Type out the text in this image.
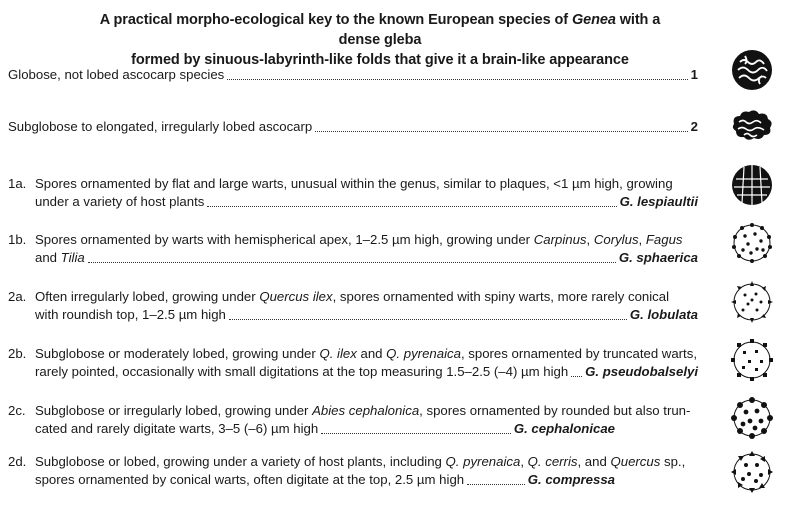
A practical morpho-ecological key to the known European species of Genea with a dense gleba
formed by sinuous-labyrinth-like folds that give it a brain-like appearance
Globose, not lobed ascocarp species	1
Subglobose to elongated, irregularly lobed ascocarp	2
1a. Spores ornamented by flat and large warts, unusual within the genus, similar to plaques, <1 µm high, growing
under a variety of host plants	G. lespiaultii
1b. Spores ornamented by warts with hemispherical apex, 1–2.5 µm high, growing under Carpinus, Corylus, Fagus
and Tilia	G. sphaerica
2a. Often irregularly lobed, growing under Quercus ilex, spores ornamented with spiny warts, more rarely conical
with roundish top, 1–2.5 µm high	G. lobulata
2b. Subglobose or moderately lobed, growing under Q. ilex and Q. pyrenaica, spores ornamented by truncated warts,
rarely pointed, occasionally with small digitations at the top measuring 1.5–2.5 (–4) µm high G. pseudobalselyi
2c. Subglobose or irregularly lobed, growing under Abies cephalonica, spores ornamented by rounded but also trun-
cated and rarely digitate warts, 3–5 (–6) µm high	G. cephalonicae
2d. Subglobose or lobed, growing under a variety of host plants, including Q. pyrenaica, Q. cerris, and Quercus sp.,
spores ornamented by conical warts, often digitate at the top, 2.5 µm high	G. compressa
